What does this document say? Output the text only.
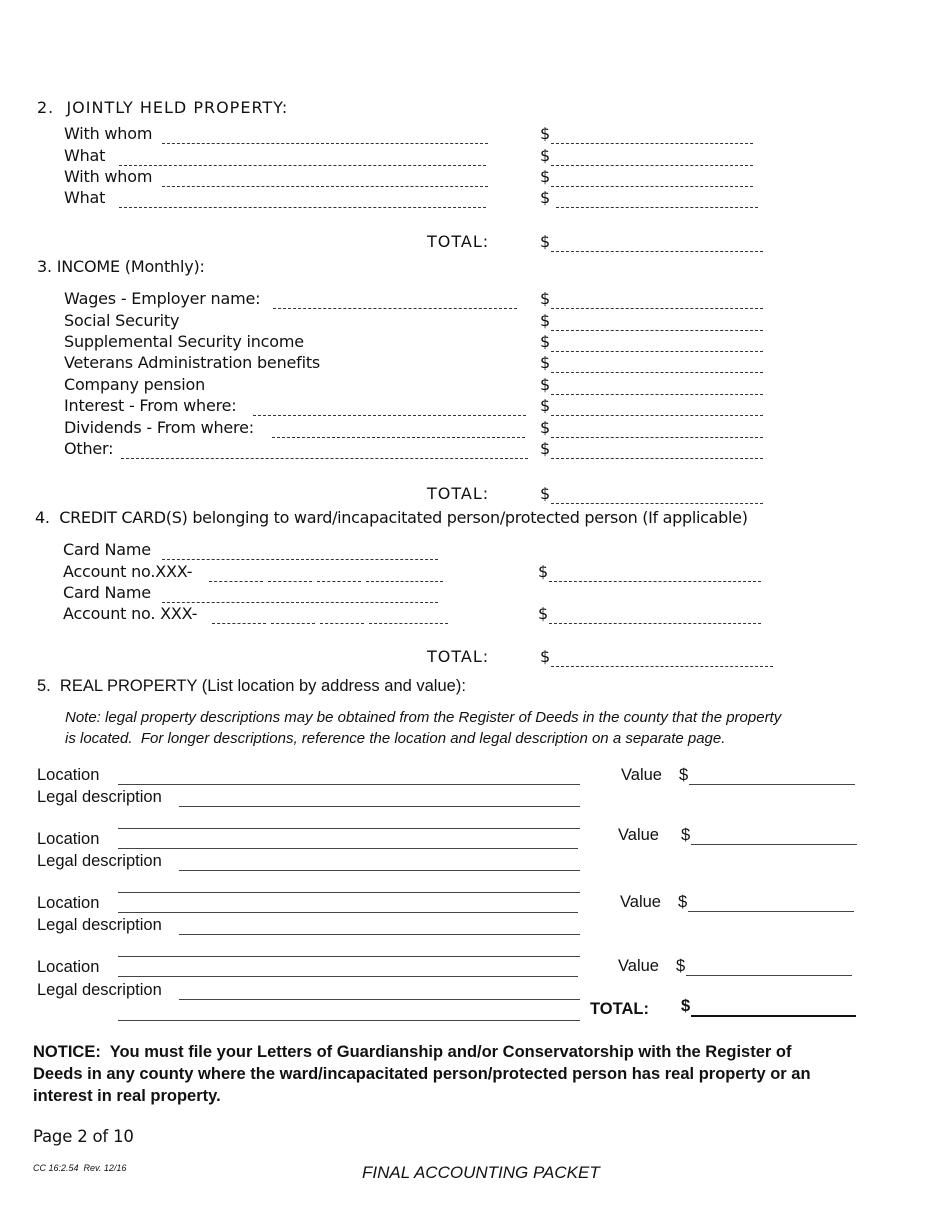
2.  JOINTLY HELD PROPERTY:
With whom	$
What	$
With whom	$
What	$
TOTAL:	$
3. INCOME (Monthly):
Wages - Employer name:	$
Social Security	$
Supplemental Security income	$
Veterans Administration benefits	$
Company pension	$
Interest - From where:	$
Dividends - From where:	$
Other:	$
TOTAL:	$
4.  CREDIT CARD(S) belonging to ward/incapacitated person/protected person (If applicable)
Card Name
Account no.XXX-	$
Card Name
Account no. XXX-	$
TOTAL:	$
5.  REAL PROPERTY (List location by address and value):
Note: legal property descriptions may be obtained from the Register of Deeds in the county that the property
is located.  For longer descriptions, reference the location and legal description on a separate page.
Location	Value $
Legal description
Location	Value $
Legal description
Location	Value $
Legal description
Location	Value $
Legal description
TOTAL: $
NOTICE:  You must file your Letters of Guardianship and/or Conservatorship with the Register of
Deeds in any county where the ward/incapacitated person/protected person has real property or an
interest in real property.
Page 2 of 10
CC 16:2.54  Rev. 12/16	FINAL ACCOUNTING PACKET
